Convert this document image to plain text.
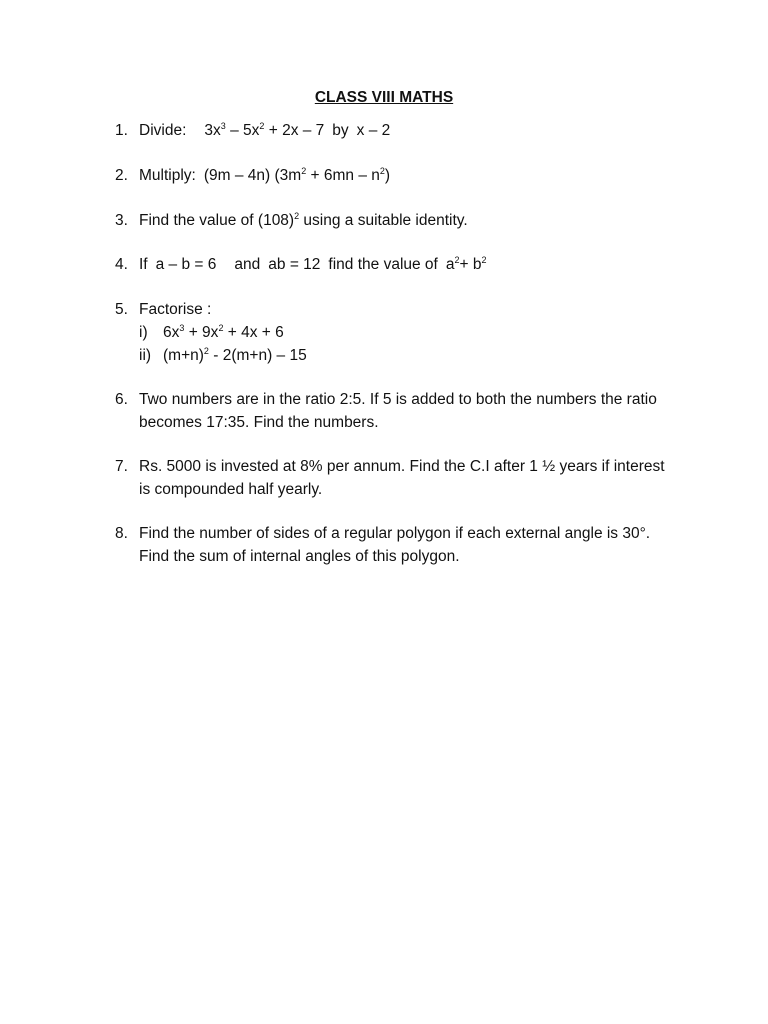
CLASS VIII MATHS
1. Divide: $3x^3 - 5x^2 + 2x - 7$ by x – 2
2. Multiply: (9m – 4n) $(3m^2 + 6mn - n^2)$
3. Find the value of $(108)^2$ using a suitable identity.
4. If a – b = 6 and ab = 12 find the value of $a^2+ b^2$
5. Factorise :
i) $6x^3 + 9x^2 + 4x + 6$
ii) $(m+n)^2 - 2(m+n) - 15$
6. Two numbers are in the ratio 2:5. If 5 is added to both the numbers the ratio becomes 17:35. Find the numbers.
7. Rs. 5000 is invested at 8% per annum. Find the C.I after 1 ½ years if interest is compounded half yearly.
8. Find the number of sides of a regular polygon if each external angle is 30°. Find the sum of internal angles of this polygon.
